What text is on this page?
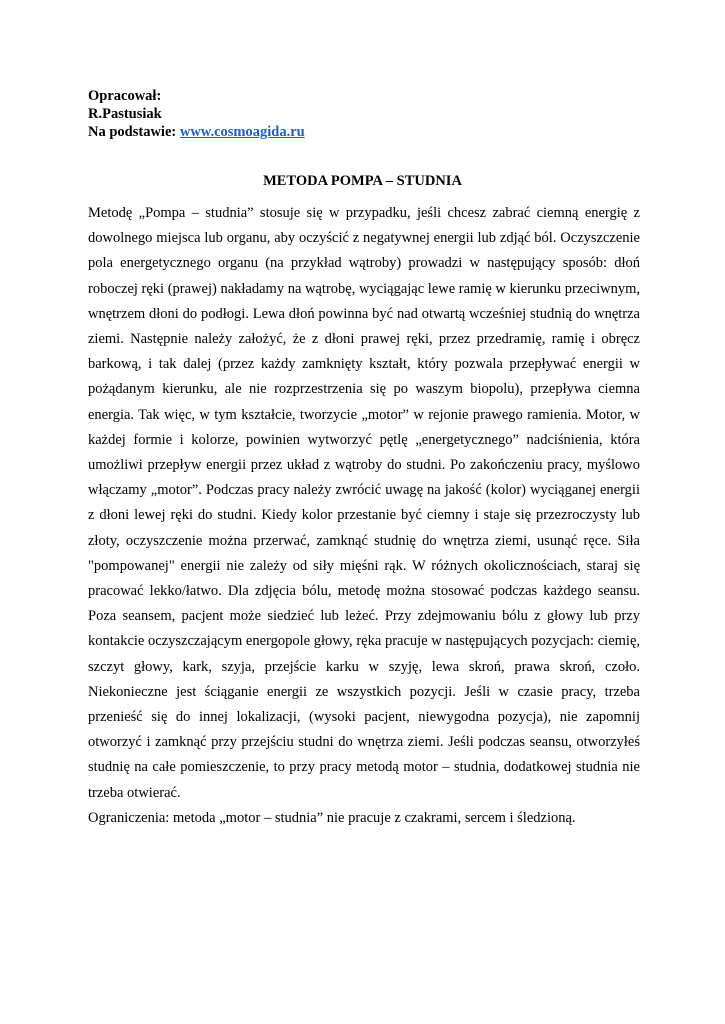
Opracował:
R.Pastusiak
Na podstawie: www.cosmoagida.ru
METODA POMPA – STUDNIA

Metodę „Pompa – studnia” stosuje się w przypadku, jeśli chcesz zabrać ciemną energię z dowolnego miejsca lub organu, aby oczyścić z negatywnej energii lub zdjąć ból. Oczyszczenie pola energetycznego organu (na przykład wątroby) prowadzi w następujący sposób: dłoń roboczej ręki (prawej) nakładamy na wątrobę, wyciągając lewe ramię w kierunku przeciwnym, wnętrzem dłoni do podłogi. Lewa dłoń powinna być nad otwartą wcześniej studnią do wnętrza ziemi. Następnie należy założyć, że z dłoni prawej ręki, przez przedramię, ramię i obręcz barkową, i tak dalej (przez każdy zamknięty kształt, który pozwala przepływać energii w pożądanym kierunku, ale nie rozprzestrzenia się po waszym biopolu), przepływa ciemna energia. Tak więc, w tym kształcie, tworzycie „motor” w rejonie prawego ramienia. Motor, w każdej formie i kolorze, powinien wytworzyć pętlę „energetycznego” nadciśnienia, która umożliwi przepływ energii przez układ z wątroby do studni. Po zakończeniu pracy, myślowo włączamy „motor”. Podczas pracy należy zwrócić uwagę na jakość (kolor) wyciąganej energii z dłoni lewej ręki do studni. Kiedy kolor przestanie być ciemny i staje się przezroczysty lub złoty, oczyszczenie można przerwać, zamknąć studnię do wnętrza ziemi, usunąć ręce. Siła "pompowanej" energii nie zależy od siły mięśni rąk. W różnych okolicznościach, staraj się pracować lekko/łatwo. Dla zdjęcia bólu, metodę można stosować podczas każdego seansu. Poza seansem, pacjent może siedzieć lub leżeć. Przy zdejmowaniu bólu z głowy lub przy kontakcie oczyszczającym energopole głowy, ręka pracuje w następujących pozycjach: ciemię, szczyt głowy, kark, szyja, przejście karku w szyję, lewa skroń, prawa skroń, czoło. Niekonieczne jest ściąganie energii ze wszystkich pozycji. Jeśli w czasie pracy, trzeba przenieść się do innej lokalizacji, (wysoki pacjent, niewygodna pozycja), nie zapomnij otworzyć i zamknąć przy przejściu studni do wnętrza ziemi. Jeśli podczas seansu, otworzyłeś studnię na całe pomieszczenie, to przy pracy metodą motor – studnia, dodatkowej studnia nie trzeba otwierać.

Ograniczenia: metoda „motor – studnia” nie pracuje z czakrami, sercem i śledzioną.
